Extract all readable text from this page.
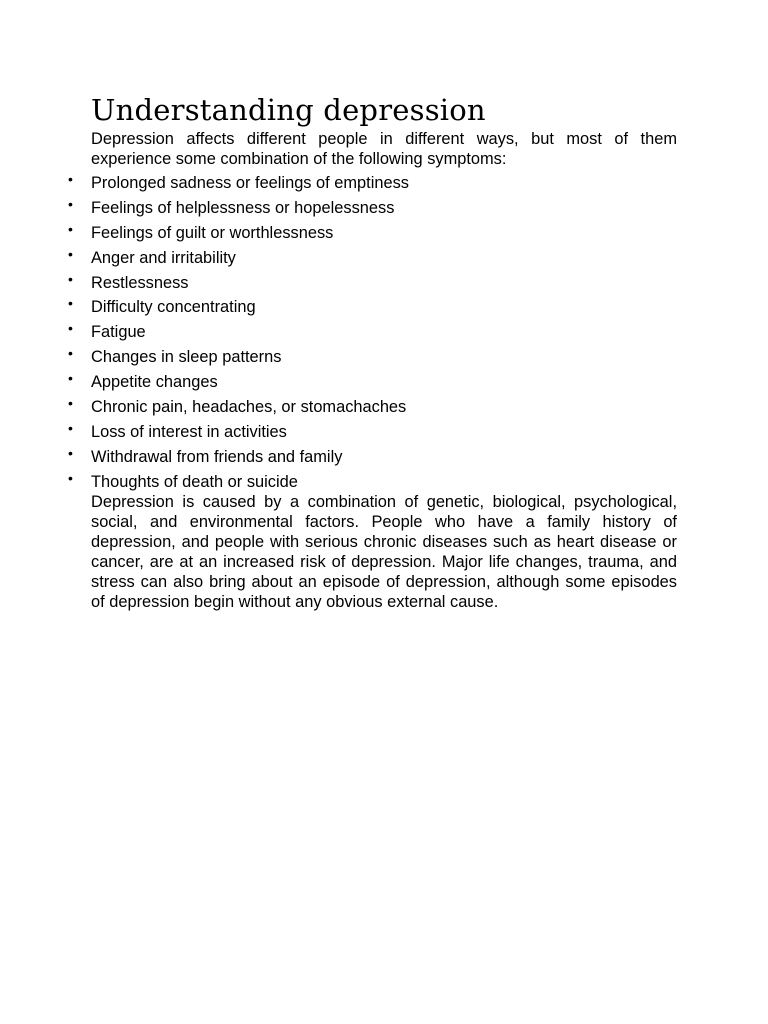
Understanding depression

Depression affects different people in different ways, but most of them experience some combination of the following symptoms:

• Prolonged sadness or feelings of emptiness
• Feelings of helplessness or hopelessness
• Feelings of guilt or worthlessness
• Anger and irritability
• Restlessness
• Difficulty concentrating
• Fatigue
• Changes in sleep patterns
• Appetite changes
• Chronic pain, headaches, or stomachaches
• Loss of interest in activities
• Withdrawal from friends and family
• Thoughts of death or suicide

Depression is caused by a combination of genetic, biological, psychological, social, and environmental factors. People who have a family history of depression, and people with serious chronic diseases such as heart disease or cancer, are at an increased risk of depression. Major life changes, trauma, and stress can also bring about an episode of depression, although some episodes of depression begin without any obvious external cause.
